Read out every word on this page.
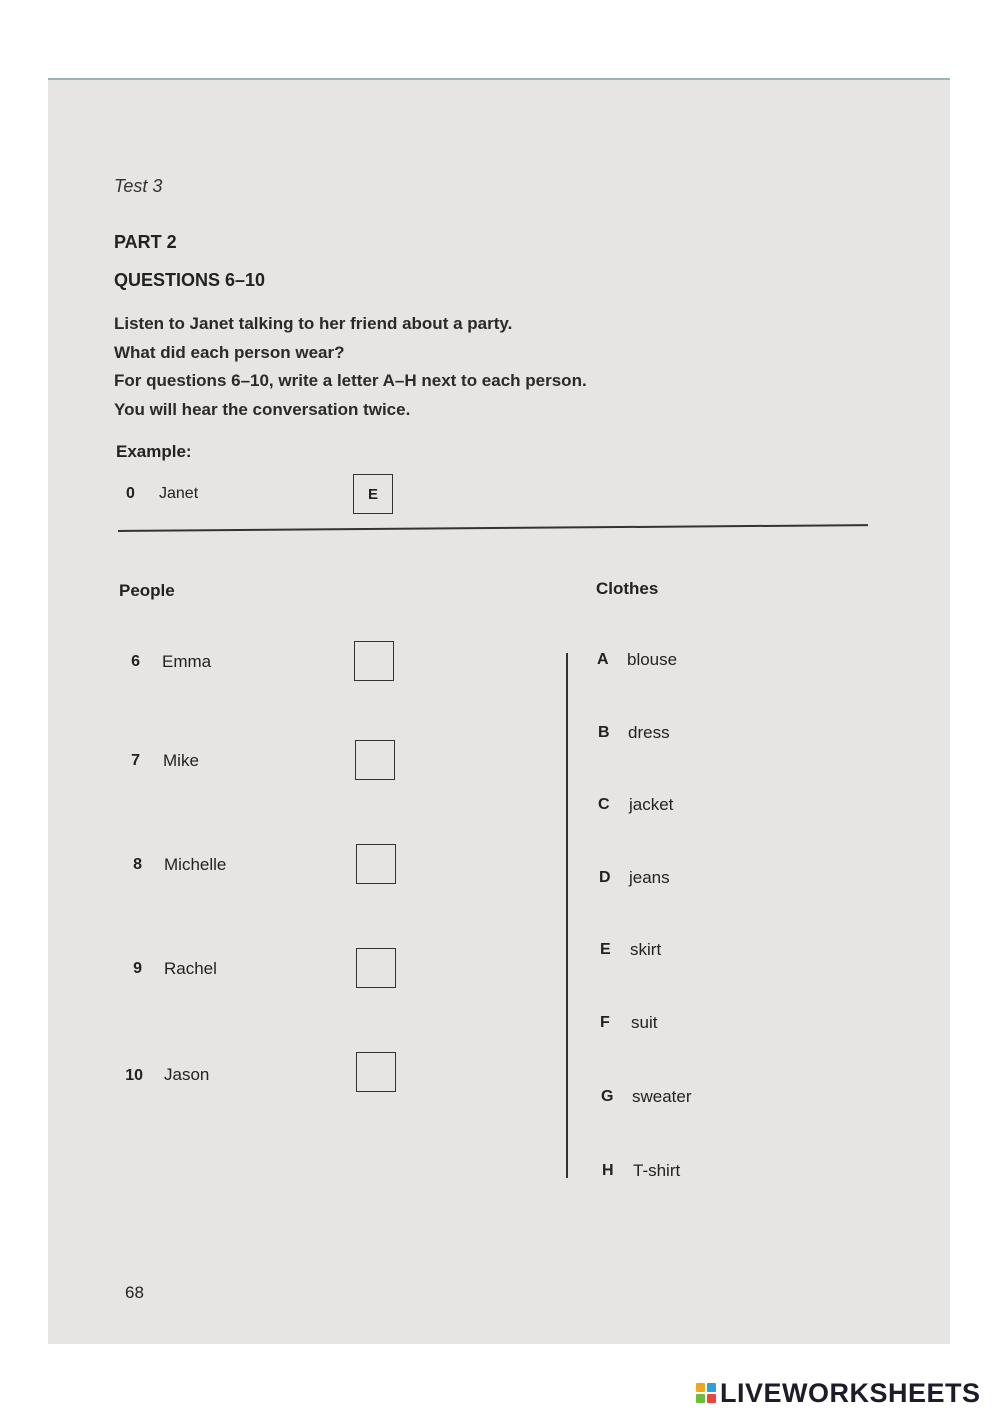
Test 3
PART 2
QUESTIONS 6–10
Listen to Janet talking to her friend about a party.
What did each person wear?
For questions 6–10, write a letter A–H next to each person.
You will hear the conversation twice.
Example:
0 Janet	E
People	Clothes
6 Emma
7 Mike
8 Michelle
9 Rachel
10 Jason
A blouse
B dress
C jacket
D jeans
E skirt
F suit
G sweater
H T-shirt
68
LIVEWORKSHEETS
